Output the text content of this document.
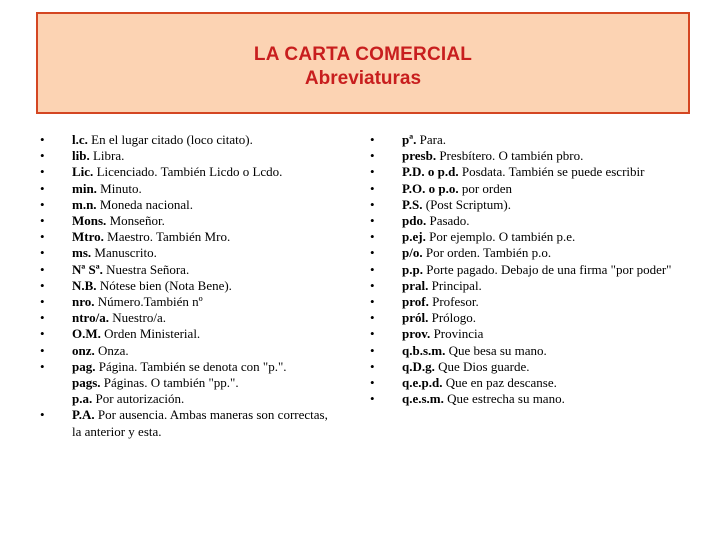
LA CARTA COMERCIAL
Abreviaturas
•	l.c. En el lugar citado (loco citato).
•	lib. Libra.
•	Lic. Licenciado. También Licdo o Lcdo.
•	min. Minuto.
•	m.n. Moneda nacional.
•	Mons. Monseñor.
•	Mtro. Maestro. También Mro.
•	ms. Manuscrito.
•	Nª Sª. Nuestra Señora.
•	N.B. Nótese bien (Nota Bene).
•	nro. Número.También nº
•	ntro/a. Nuestro/a.
•	O.M. Orden Ministerial.
•	onz. Onza.
•	pag. Página. También se denota con "p.".
pags. Páginas. O también "pp.".
p.a. Por autorización.
•	P.A. Por ausencia. Ambas maneras son correctas, la anterior y esta.
•	pª. Para.
•	presb. Presbítero. O también pbro.
•	P.D. o p.d. Posdata. También se puede escribir
•	P.O. o p.o. por orden
•	P.S. (Post Scriptum).
•	pdo. Pasado.
•	p.ej. Por ejemplo. O también p.e.
•	p/o. Por orden. También p.o.
•	p.p. Porte pagado. Debajo de una firma "por poder"
•	pral. Principal.
•	prof. Profesor.
•	pról. Prólogo.
•	prov. Provincia
•	q.b.s.m. Que besa su mano.
•	q.D.g. Que Dios guarde.
•	q.e.p.d. Que en paz descanse.
•	q.e.s.m. Que estrecha su mano.
